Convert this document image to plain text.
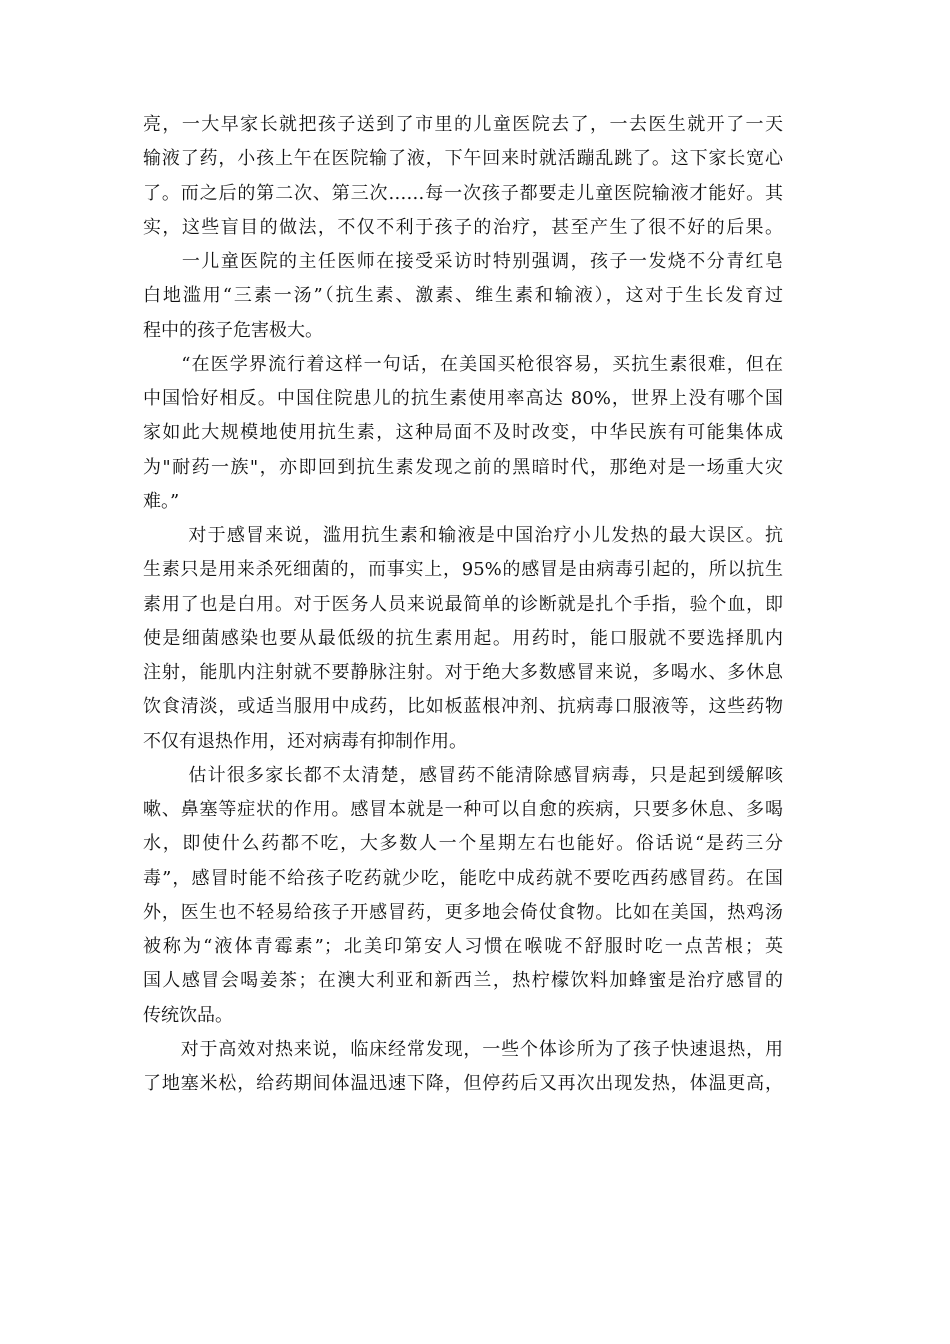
亮，一大早家长就把孩子送到了市里的儿童医院去了，一去医生就开了一天
输液了药，小孩上午在医院输了液，下午回来时就活蹦乱跳了。这下家长宽心
了。而之后的第二次、第三次……每一次孩子都要走儿童医院输液才能好。其
实，这些盲目的做法，不仅不利于孩子的治疗，甚至产生了很不好的后果。
　　一儿童医院的主任医师在接受采访时特别强调，孩子一发烧不分青红皂
白地滥用“三素一汤”（抗生素、激素、维生素和输液），这对于生长发育过
程中的孩子危害极大。
　　“在医学界流行着这样一句话，在美国买枪很容易，买抗生素很难，但在
中国恰好相反。中国住院患儿的抗生素使用率高达 80%，世界上没有哪个国
家如此大规模地使用抗生素，这种局面不及时改变，中华民族有可能集体成
为"耐药一族"，亦即回到抗生素发现之前的黑暗时代，那绝对是一场重大灾
难。”
　　 对于感冒来说，滥用抗生素和输液是中国治疗小儿发热的最大误区。抗
生素只是用来杀死细菌的，而事实上，95%的感冒是由病毒引起的，所以抗生
素用了也是白用。对于医务人员来说最简单的诊断就是扎个手指，验个血，即
使是细菌感染也要从最低级的抗生素用起。用药时，能口服就不要选择肌内
注射，能肌内注射就不要静脉注射。对于绝大多数感冒来说，多喝水、多休息
饮食清淡，或适当服用中成药，比如板蓝根冲剂、抗病毒口服液等，这些药物
不仅有退热作用，还对病毒有抑制作用。
　　 估计很多家长都不太清楚，感冒药不能清除感冒病毒，只是起到缓解咳
嗽、鼻塞等症状的作用。感冒本就是一种可以自愈的疾病，只要多休息、多喝
水，即使什么药都不吃，大多数人一个星期左右也能好。俗话说“是药三分
毒”，感冒时能不给孩子吃药就少吃，能吃中成药就不要吃西药感冒药。在国
外，医生也不轻易给孩子开感冒药，更多地会倚仗食物。比如在美国，热鸡汤
被称为“液体青霉素”；北美印第安人习惯在喉咙不舒服时吃一点苦根；英
国人感冒会喝姜茶；在澳大利亚和新西兰，热柠檬饮料加蜂蜜是治疗感冒的
传统饮品。
　　对于高效对热来说，临床经常发现，一些个体诊所为了孩子快速退热，用
了地塞米松，给药期间体温迅速下降，但停药后又再次出现发热，体温更高，
